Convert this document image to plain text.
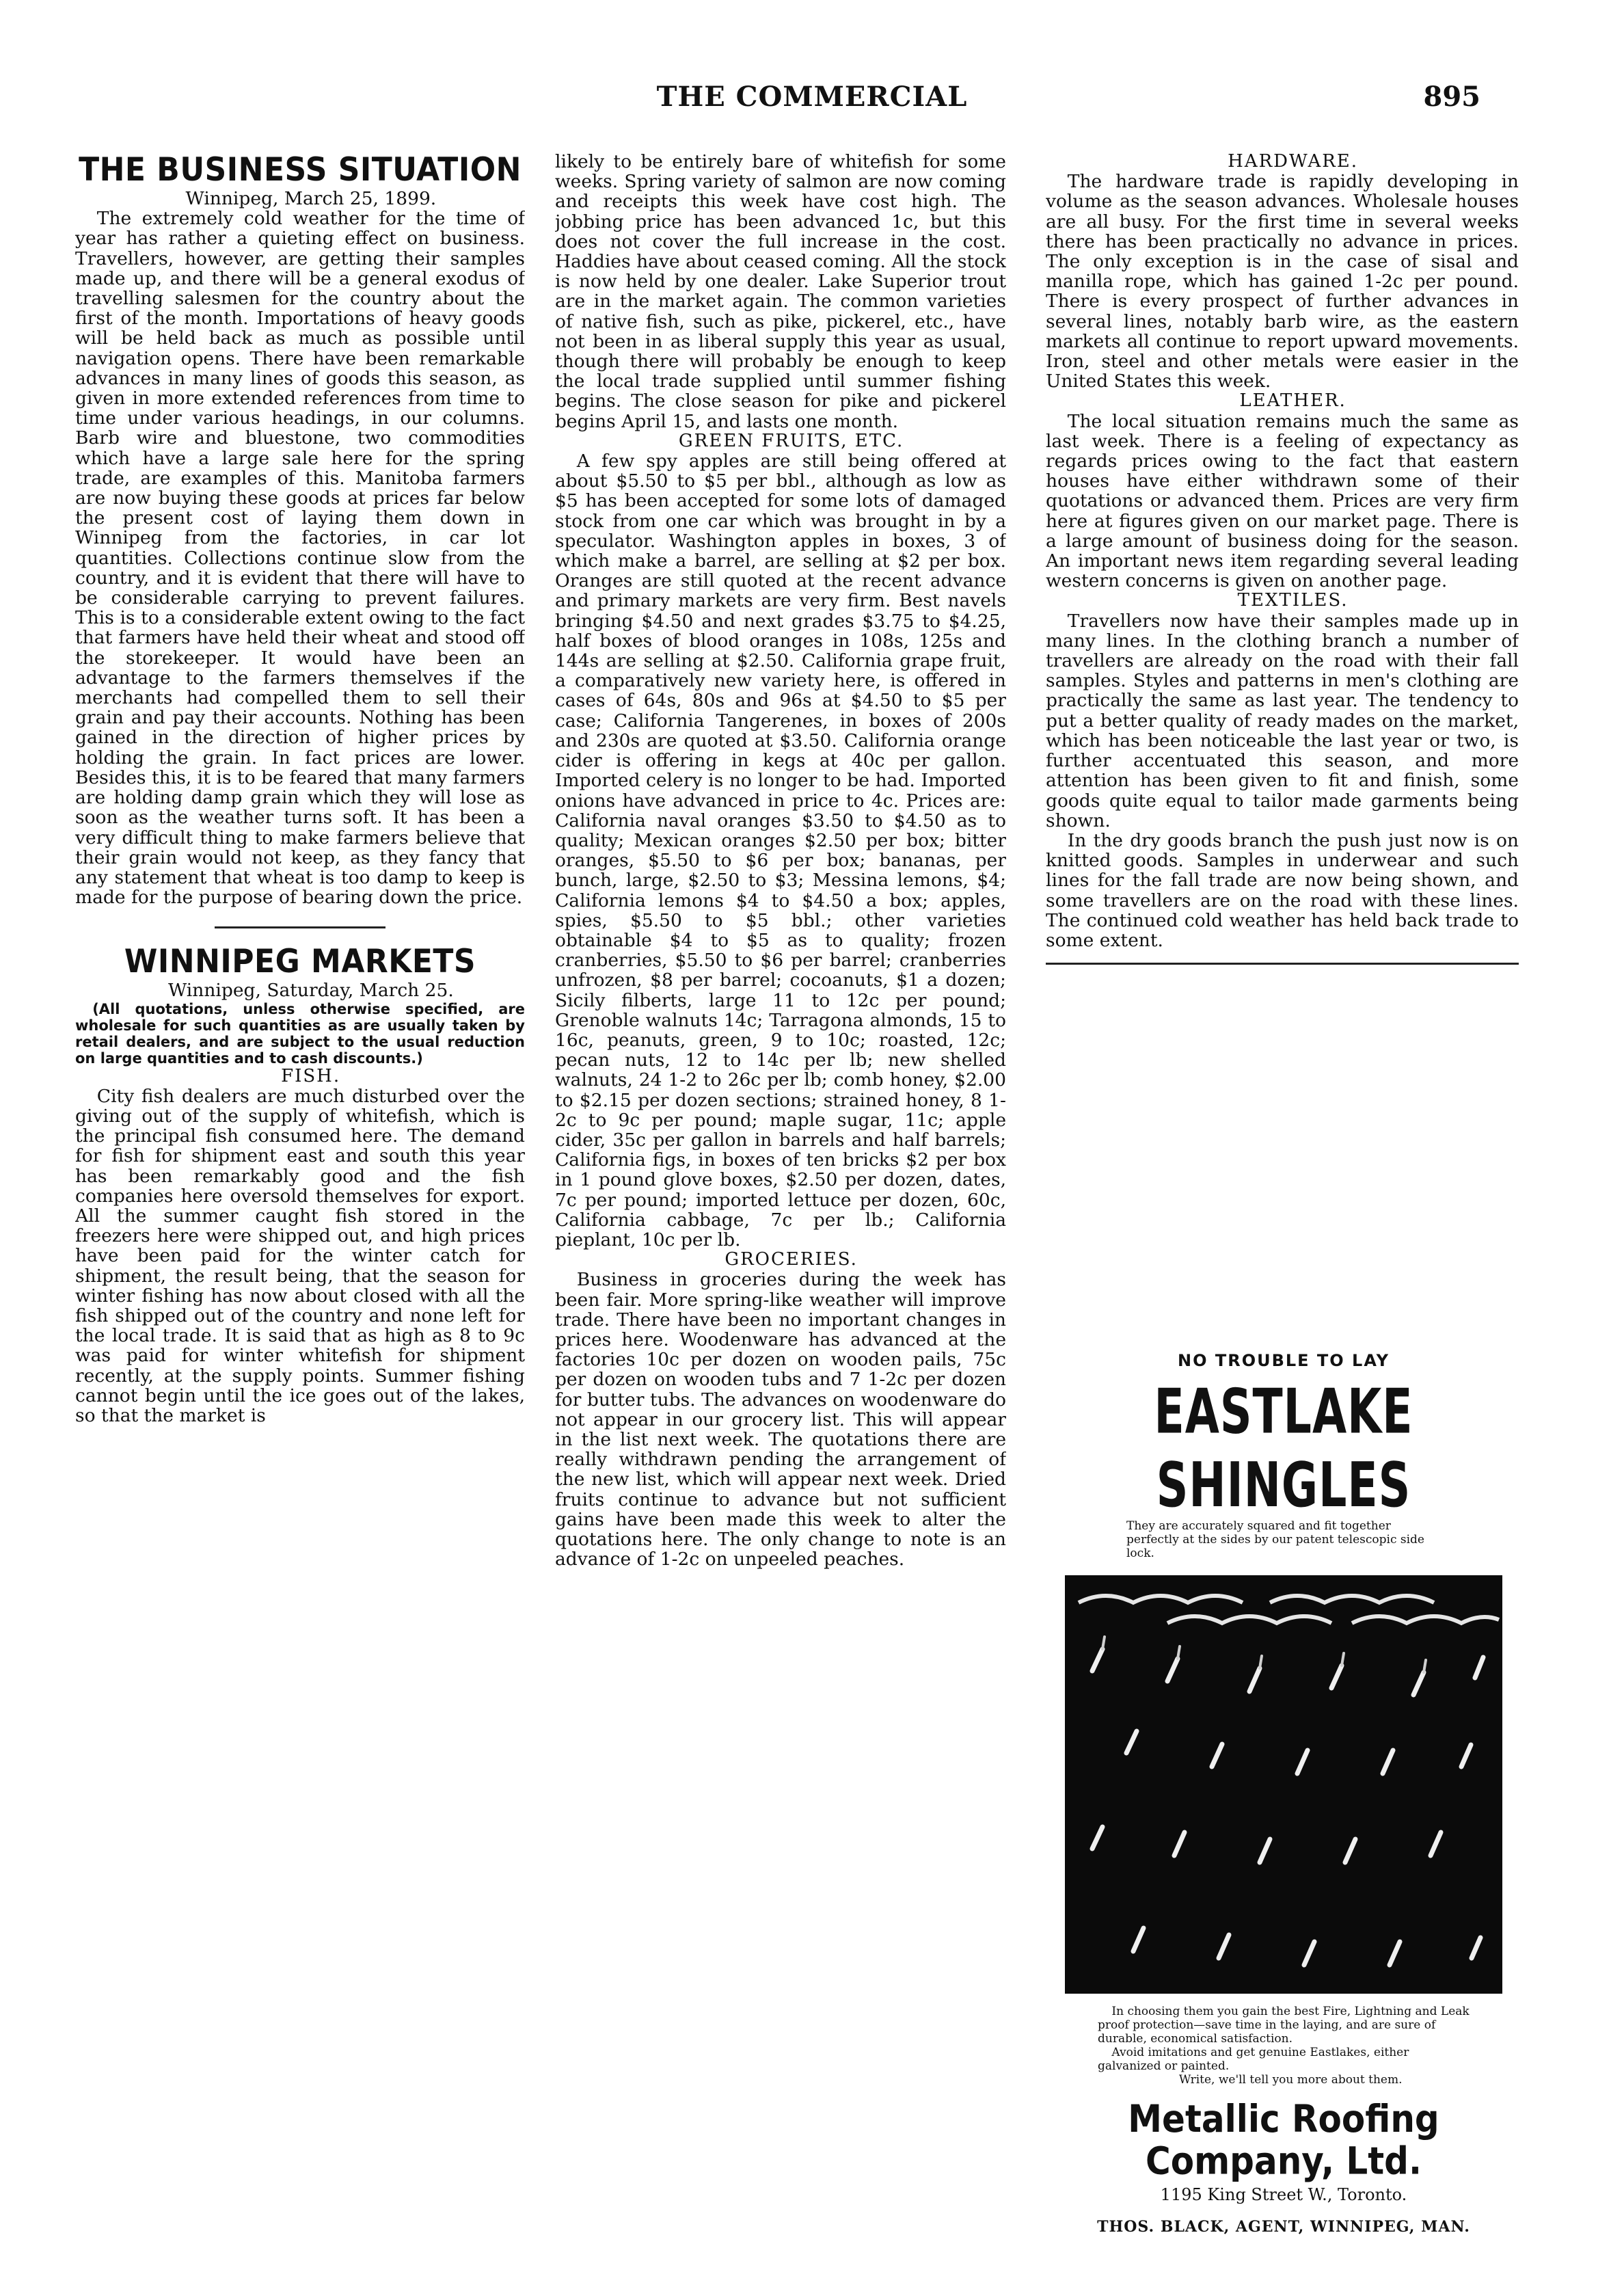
THE COMMERCIAL	895
THE BUSINESS SITUATION

Winnipeg, March 25, 1899.

The extremely cold weather for the time of year has rather a quieting effect on business. Travellers, however, are getting their samples made up, and there will be a general exodus of travelling salesmen for the country about the first of the month. Importations of heavy goods will be held back as much as possible until navigation opens. There have been remarkable advances in many lines of goods this season, as given in more extended references from time to time under various headings, in our columns. Barb wire and bluestone, two commodities which have a large sale here for the spring trade, are examples of this. Manitoba farmers are now buying these goods at prices far below the present cost of laying them down in Winnipeg from the factories, in car lot quantities. Collections continue slow from the country, and it is evident that there will have to be considerable carrying to prevent failures. This is to a considerable extent owing to the fact that farmers have held their wheat and stood off the storekeeper. It would have been an advantage to the farmers themselves if the merchants had compelled them to sell their grain and pay their accounts. Nothing has been gained in the direction of higher prices by holding the grain. In fact prices are lower. Besides this, it is to be feared that many farmers are holding damp grain which they will lose as soon as the weather turns soft. It has been a very difficult thing to make farmers believe that their grain would not keep, as they fancy that any statement that wheat is too damp to keep is made for the purpose of bearing down the price.

WINNIPEG MARKETS

Winnipeg, Saturday, March 25.

(All quotations, unless otherwise specified, are wholesale for such quantities as are usually taken by retail dealers, and are subject to the usual reduction on large quantities and to cash discounts.)

FISH.

City fish dealers are much disturbed over the giving out of the supply of whitefish, which is the principal fish consumed here. The demand for fish for shipment east and south this year has been remarkably good and the fish companies here oversold themselves for export. All the summer caught fish stored in the freezers here were shipped out, and high prices have been paid for the winter catch for shipment, the result being, that the season for winter fishing has now about closed with all the fish shipped out of the country and none left for the local trade. It is said that as high as 8 to 9c was paid for winter whitefish for shipment recently, at the supply points. Summer fishing cannot begin until the ice goes out of the lakes, so that the market is

likely to be entirely bare of whitefish for some weeks. Spring variety of salmon are now coming and receipts this week have cost high. The jobbing price has been advanced 1c, but this does not cover the full increase in the cost. Haddies have about ceased coming. All the stock is now held by one dealer. Lake Superior trout are in the market again. The common varieties of native fish, such as pike, pickerel, etc., have not been in as liberal supply this year as usual, though there will probably be enough to keep the local trade supplied until summer fishing begins. The close season for pike and pickerel begins April 15, and lasts one month.

GREEN FRUITS, ETC.

A few spy apples are still being offered at about $5.50 to $5 per bbl., although as low as $5 has been accepted for some lots of damaged stock from one car which was brought in by a speculator. Washington apples in boxes, 3 of which make a barrel, are selling at $2 per box. Oranges are still quoted at the recent advance and primary markets are very firm. Best navels bringing $4.50 and next grades $3.75 to $4.25, half boxes of blood oranges in 108s, 125s and 144s are selling at $2.50. California grape fruit, a comparatively new variety here, is offered in cases of 64s, 80s and 96s at $4.50 to $5 per case; California Tangerenes, in boxes of 200s and 230s are quoted at $3.50. California orange cider is offering in kegs at 40c per gallon. Imported celery is no longer to be had. Imported onions have advanced in price to 4c. Prices are: California naval oranges $3.50 to $4.50 as to quality; Mexican oranges $2.50 per box; bitter oranges, $5.50 to $6 per box; bananas, per bunch, large, $2.50 to $3; Messina lemons, $4; California lemons $4 to $4.50 a box; apples, spies, $5.50 to $5 bbl.; other varieties obtainable $4 to $5 as to quality; frozen cranberries, $5.50 to $6 per barrel; cranberries unfrozen, $8 per barrel; cocoanuts, $1 a dozen; Sicily filberts, large 11 to 12c per pound; Grenoble walnuts 14c; Tarragona almonds, 15 to 16c, peanuts, green, 9 to 10c; roasted, 12c; pecan nuts, 12 to 14c per lb; new shelled walnuts, 24 1-2 to 26c per lb; comb honey, $2.00 to $2.15 per dozen sections; strained honey, 8 1-2c to 9c per pound; maple sugar, 11c; apple cider, 35c per gallon in barrels and half barrels; California figs, in boxes of ten bricks $2 per box in 1 pound glove boxes, $2.50 per dozen, dates, 7c per pound; imported lettuce per dozen, 60c, California cabbage, 7c per lb.; California pieplant, 10c per lb.

GROCERIES.

Business in groceries during the week has been fair. More spring-like weather will improve trade. There have been no important changes in prices here. Woodenware has advanced at the factories 10c per dozen on wooden pails, 75c per dozen on wooden tubs and 7 1-2c per dozen for butter tubs. The advances on woodenware do not appear in our grocery list. This will appear in the list next week. The quotations there are really withdrawn pending the arrangement of the new list, which will appear next week. Dried fruits continue to advance but not sufficient gains have been made this week to alter the quotations here. The only change to note is an advance of 1-2c on unpeeled peaches.

HARDWARE.

The hardware trade is rapidly developing in volume as the season advances. Wholesale houses are all busy. For the first time in several weeks there has been practically no advance in prices. The only exception is in the case of sisal and manilla rope, which has gained 1-2c per pound. There is every prospect of further advances in several lines, notably barb wire, as the eastern markets all continue to report upward movements. Iron, steel and other metals were easier in the United States this week.

LEATHER.

The local situation remains much the same as last week. There is a feeling of expectancy as regards prices owing to the fact that eastern houses have either withdrawn some of their quotations or advanced them. Prices are very firm here at figures given on our market page. There is a large amount of business doing for the season. An important news item regarding several leading western concerns is given on another page.

TEXTILES.

Travellers now have their samples made up in many lines. In the clothing branch a number of travellers are already on the road with their fall samples. Styles and patterns in men's clothing are practically the same as last year. The tendency to put a better quality of ready mades on the market, which has been noticeable the last year or two, is further accentuated this season, and more attention has been given to fit and finish, some goods quite equal to tailor made garments being shown.

In the dry goods branch the push just now is on knitted goods. Samples in underwear and such lines for the fall trade are now being shown, and some travellers are on the road with these lines. The continued cold weather has held back trade to some extent.

NO TROUBLE TO LAY
EASTLAKE SHINGLES
They are accurately squared and fit together perfectly at the sides by our patent telescopic side lock.

In choosing them you gain the best Fire, Lightning and Leak proof protection—save time in the laying, and are sure of durable, economical satisfaction.

Avoid imitations and get genuine Eastlakes, either galvanized or painted.

Write, we'll tell you more about them.

Metallic Roofing Company, Ltd.
1195 King Street W., Toronto.
THOS. BLACK, AGENT, WINNIPEG, MAN.
